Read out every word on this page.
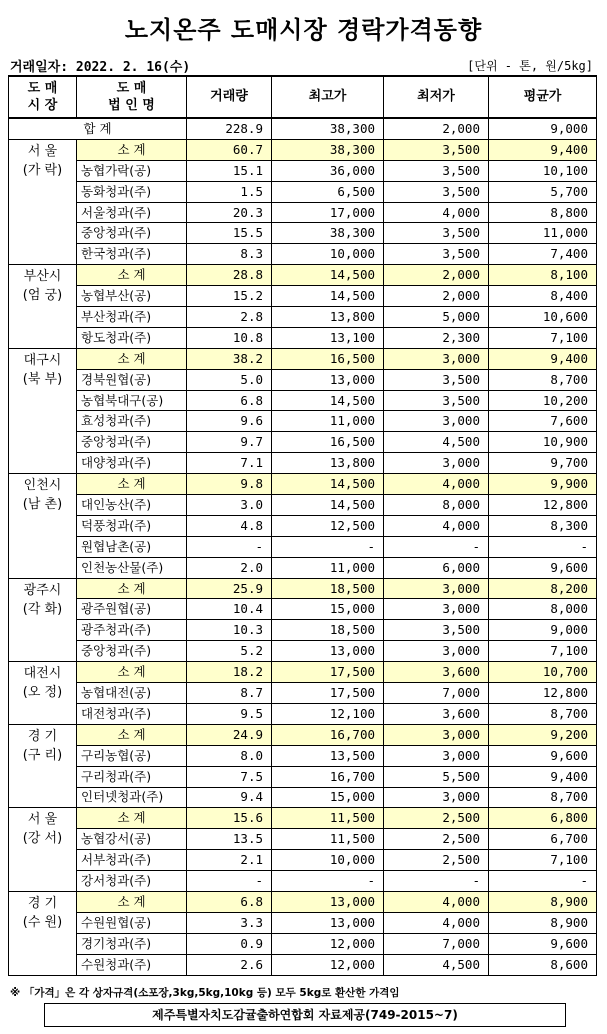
노지온주 도매시장 경락가격동향
거래일자: 2022. 2. 16(수)	[단위 - 톤, 원/5kg]
도 매
시 장	도 매
법 인 명	거래량	최고가	최저가	평균가
합 계		228.9	38,300	2,000	9,000

서 울
(가 락)	소 계	60.7	38,300	3,500	9,400
	농협가락(공)	15.1	36,000	3,500	10,100
	동화청과(주)	1.5	6,500	3,500	5,700
	서울청과(주)	20.3	17,000	4,000	8,800
	중앙청과(주)	15.5	38,300	3,500	11,000
	한국청과(주)	8.3	10,000	3,500	7,400

부산시
(엄 궁)	소 계	28.8	14,500	2,000	8,100
	농협부산(공)	15.2	14,500	2,000	8,400
	부산청과(주)	2.8	13,800	5,000	10,600
	항도청과(주)	10.8	13,100	2,300	7,100

대구시
(북 부)	소 계	38.2	16,500	3,000	9,400
	경북원협(공)	5.0	13,000	3,500	8,700
	농협북대구(공)	6.8	14,500	3,500	10,200
	효성청과(주)	9.6	11,000	3,000	7,600
	중앙청과(주)	9.7	16,500	4,500	10,900
	대양청과(주)	7.1	13,800	3,000	9,700

인천시
(남 촌)	소 계	9.8	14,500	4,000	9,900
	대인농산(주)	3.0	14,500	8,000	12,800
	덕풍청과(주)	4.8	12,500	4,000	8,300
	원협남촌(공)	-	-	-	-
	인천농산물(주)	2.0	11,000	6,000	9,600

광주시
(각 화)	소 계	25.9	18,500	3,000	8,200
	광주원협(공)	10.4	15,000	3,000	8,000
	광주청과(주)	10.3	18,500	3,500	9,000
	중앙청과(주)	5.2	13,000	3,000	7,100

대전시
(오 정)	소 계	18.2	17,500	3,600	10,700
	농협대전(공)	8.7	17,500	7,000	12,800
	대전청과(주)	9.5	12,100	3,600	8,700

경 기
(구 리)	소 계	24.9	16,700	3,000	9,200
	구리농협(공)	8.0	13,500	3,000	9,600
	구리청과(주)	7.5	16,700	5,500	9,400
	인터넷청과(주)	9.4	15,000	3,000	8,700

서 울
(강 서)	소 계	15.6	11,500	2,500	6,800
	농협강서(공)	13.5	11,500	2,500	6,700
	서부청과(주)	2.1	10,000	2,500	7,100
	강서청과(주)	-	-	-	-

경 기
(수 원)	소 계	6.8	13,000	4,000	8,900
	수원원협(공)	3.3	13,000	4,000	8,900
	경기청과(주)	0.9	12,000	7,000	9,600
	수원청과(주)	2.6	12,000	4,500	8,600
※ 「가격」은 각 상자규격(소포장,3kg,5kg,10kg 등) 모두 5kg로 환산한 가격임
제주특별자치도감귤출하연합회 자료제공(749-2015~7)
